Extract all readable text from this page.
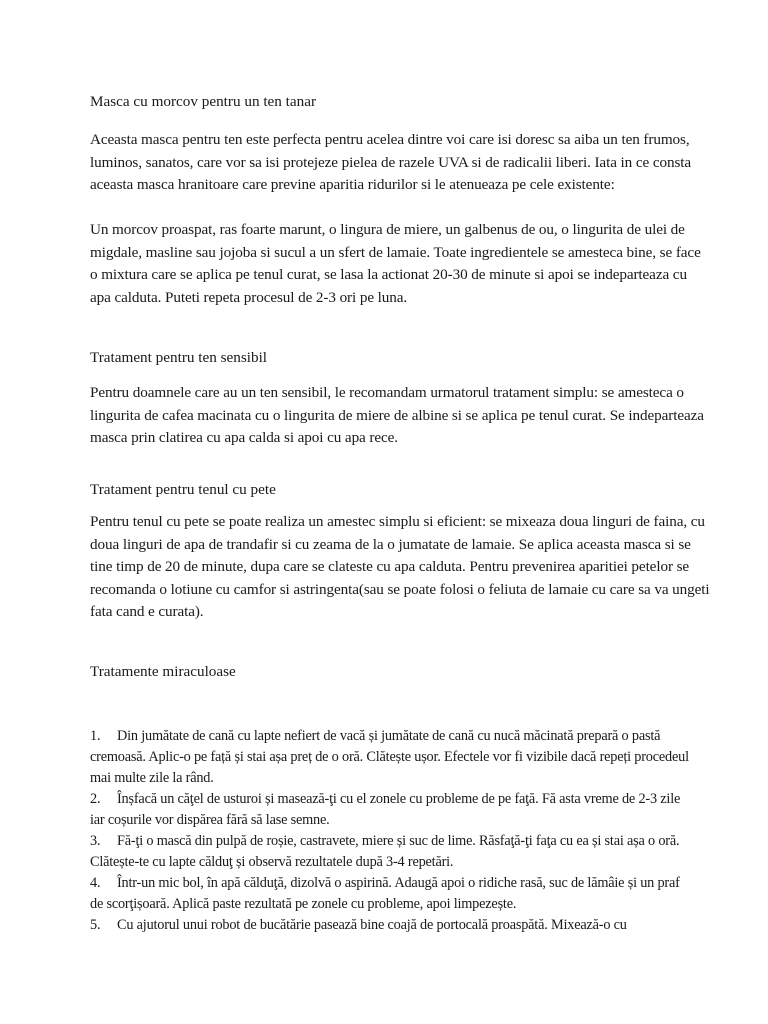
Masca cu morcov pentru un ten tanar

Aceasta masca pentru ten este perfecta pentru acelea dintre voi care isi doresc sa aiba un ten frumos, luminos, sanatos, care vor sa isi protejeze pielea de razele UVA si de radicalii liberi. Iata in ce consta aceasta masca hranitoare care previne aparitia ridurilor si le atenueaza pe cele existente:

Un morcov proaspat, ras foarte marunt, o lingura de miere, un galbenus de ou, o lingurita de ulei de migdale, masline sau jojoba si sucul a un sfert de lamaie. Toate ingredientele se amesteca bine, se face o mixtura care se aplica pe tenul curat, se lasa la actionat 20-30 de minute si apoi se indeparteaza cu apa calduta. Puteti repeta procesul de 2-3 ori pe luna.

Tratament pentru ten sensibil

Pentru doamnele care au un ten sensibil, le recomandam urmatorul tratament simplu: se amesteca o lingurita de cafea macinata cu o lingurita de miere de albine si se aplica pe tenul curat. Se indeparteaza masca prin clatirea cu apa calda si apoi cu apa rece.

Tratament pentru tenul cu pete

Pentru tenul cu pete se poate realiza un amestec simplu si eficient: se mixeaza doua linguri de faina, cu doua linguri de apa de trandafir si cu zeama de la o jumatate de lamaie. Se aplica aceasta masca si se tine timp de 20 de minute, dupa care se clateste cu apa calduta. Pentru prevenirea aparitiei petelor se recomanda o lotiune cu camfor si astringenta(sau se poate folosi o feliuta de lamaie cu care sa va ungeti fata cand e curata).

Tratamente miraculoase

1. Din jumătate de cană cu lapte nefiert de vacă și jumătate de cană cu nucă măcinată prepară o pastă cremoasă. Aplic-o pe față și stai așa preț de o oră. Clătește ușor. Efectele vor fi vizibile dacă repeți procedeul mai multe zile la rând.
2. Înșfacă un căţel de usturoi și masează-ţi cu el zonele cu probleme de pe faţă. Fă asta vreme de 2-3 zile iar coșurile vor dispărea fără să lase semne.
3. Fă-ţi o mască din pulpă de roșie, castravete, miere și suc de lime. Răsfaţă-ţi faţa cu ea și stai așa o oră. Clătește-te cu lapte călduţ și observă rezultatele după 3-4 repetări.
4. Într-un mic bol, în apă călduţă, dizolvă o aspirină. Adaugă apoi o ridiche rasă, suc de lămâie și un praf de scorţișoară. Aplică paste rezultată pe zonele cu probleme, apoi limpezește.
5. Cu ajutorul unui robot de bucătărie pasează bine coajă de portocală proaspătă. Mixează-o cu
